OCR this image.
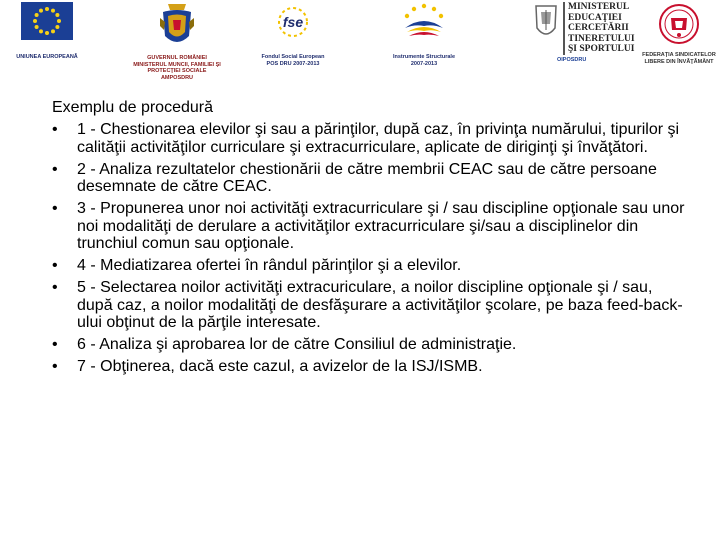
UNIUNEA EUROPEANĂ	GUVERNUL ROMÂNIEI
MINISTERUL MUNCII, FAMILIEI ŞI
PROTECŢIEI SOCIALE
AMPOSDRU
fse
Fondul Social European
POS DRU 2007-2013
Instrumente Structurale
2007-2013
MINISTERUL
EDUCAŢIEI
CERCETĂRII
TINERETULUI
ŞI SPORTULUI
OIPOSDRU
FEDERAŢIA SINDICATELOR
LIBERE DIN ÎNVĂŢĂMÂNT
Exemplu de procedură
• 1 - Chestionarea elevilor şi sau a părinţilor, după caz, în privinţa numărului, tipurilor şi calităţii activităţilor curriculare şi extracurriculare, aplicate de diriginţi şi învăţători.
• 2 - Analiza rezultatelor chestionării de către membrii CEAC sau de către persoane desemnate de către CEAC.
• 3 - Propunerea unor noi activităţi extracurriculare şi / sau discipline opţionale sau unor noi modalităţi de derulare a activităţilor extracurriculare şi/sau a disciplinelor din trunchiul comun sau opţionale.
• 4 - Mediatizarea ofertei în rândul părinţilor şi a elevilor.
• 5 - Selectarea noilor activităţi extracuriculare, a noilor discipline opţionale şi / sau, după caz, a noilor modalităţi de desfăşurare a activităţilor şcolare, pe baza feed-back-ului obţinut de la părţile interesate.
• 6 - Analiza şi aprobarea lor de către Consiliul de administraţie.
• 7 - Obţinerea, dacă este cazul, a avizelor de la ISJ/ISMB.
